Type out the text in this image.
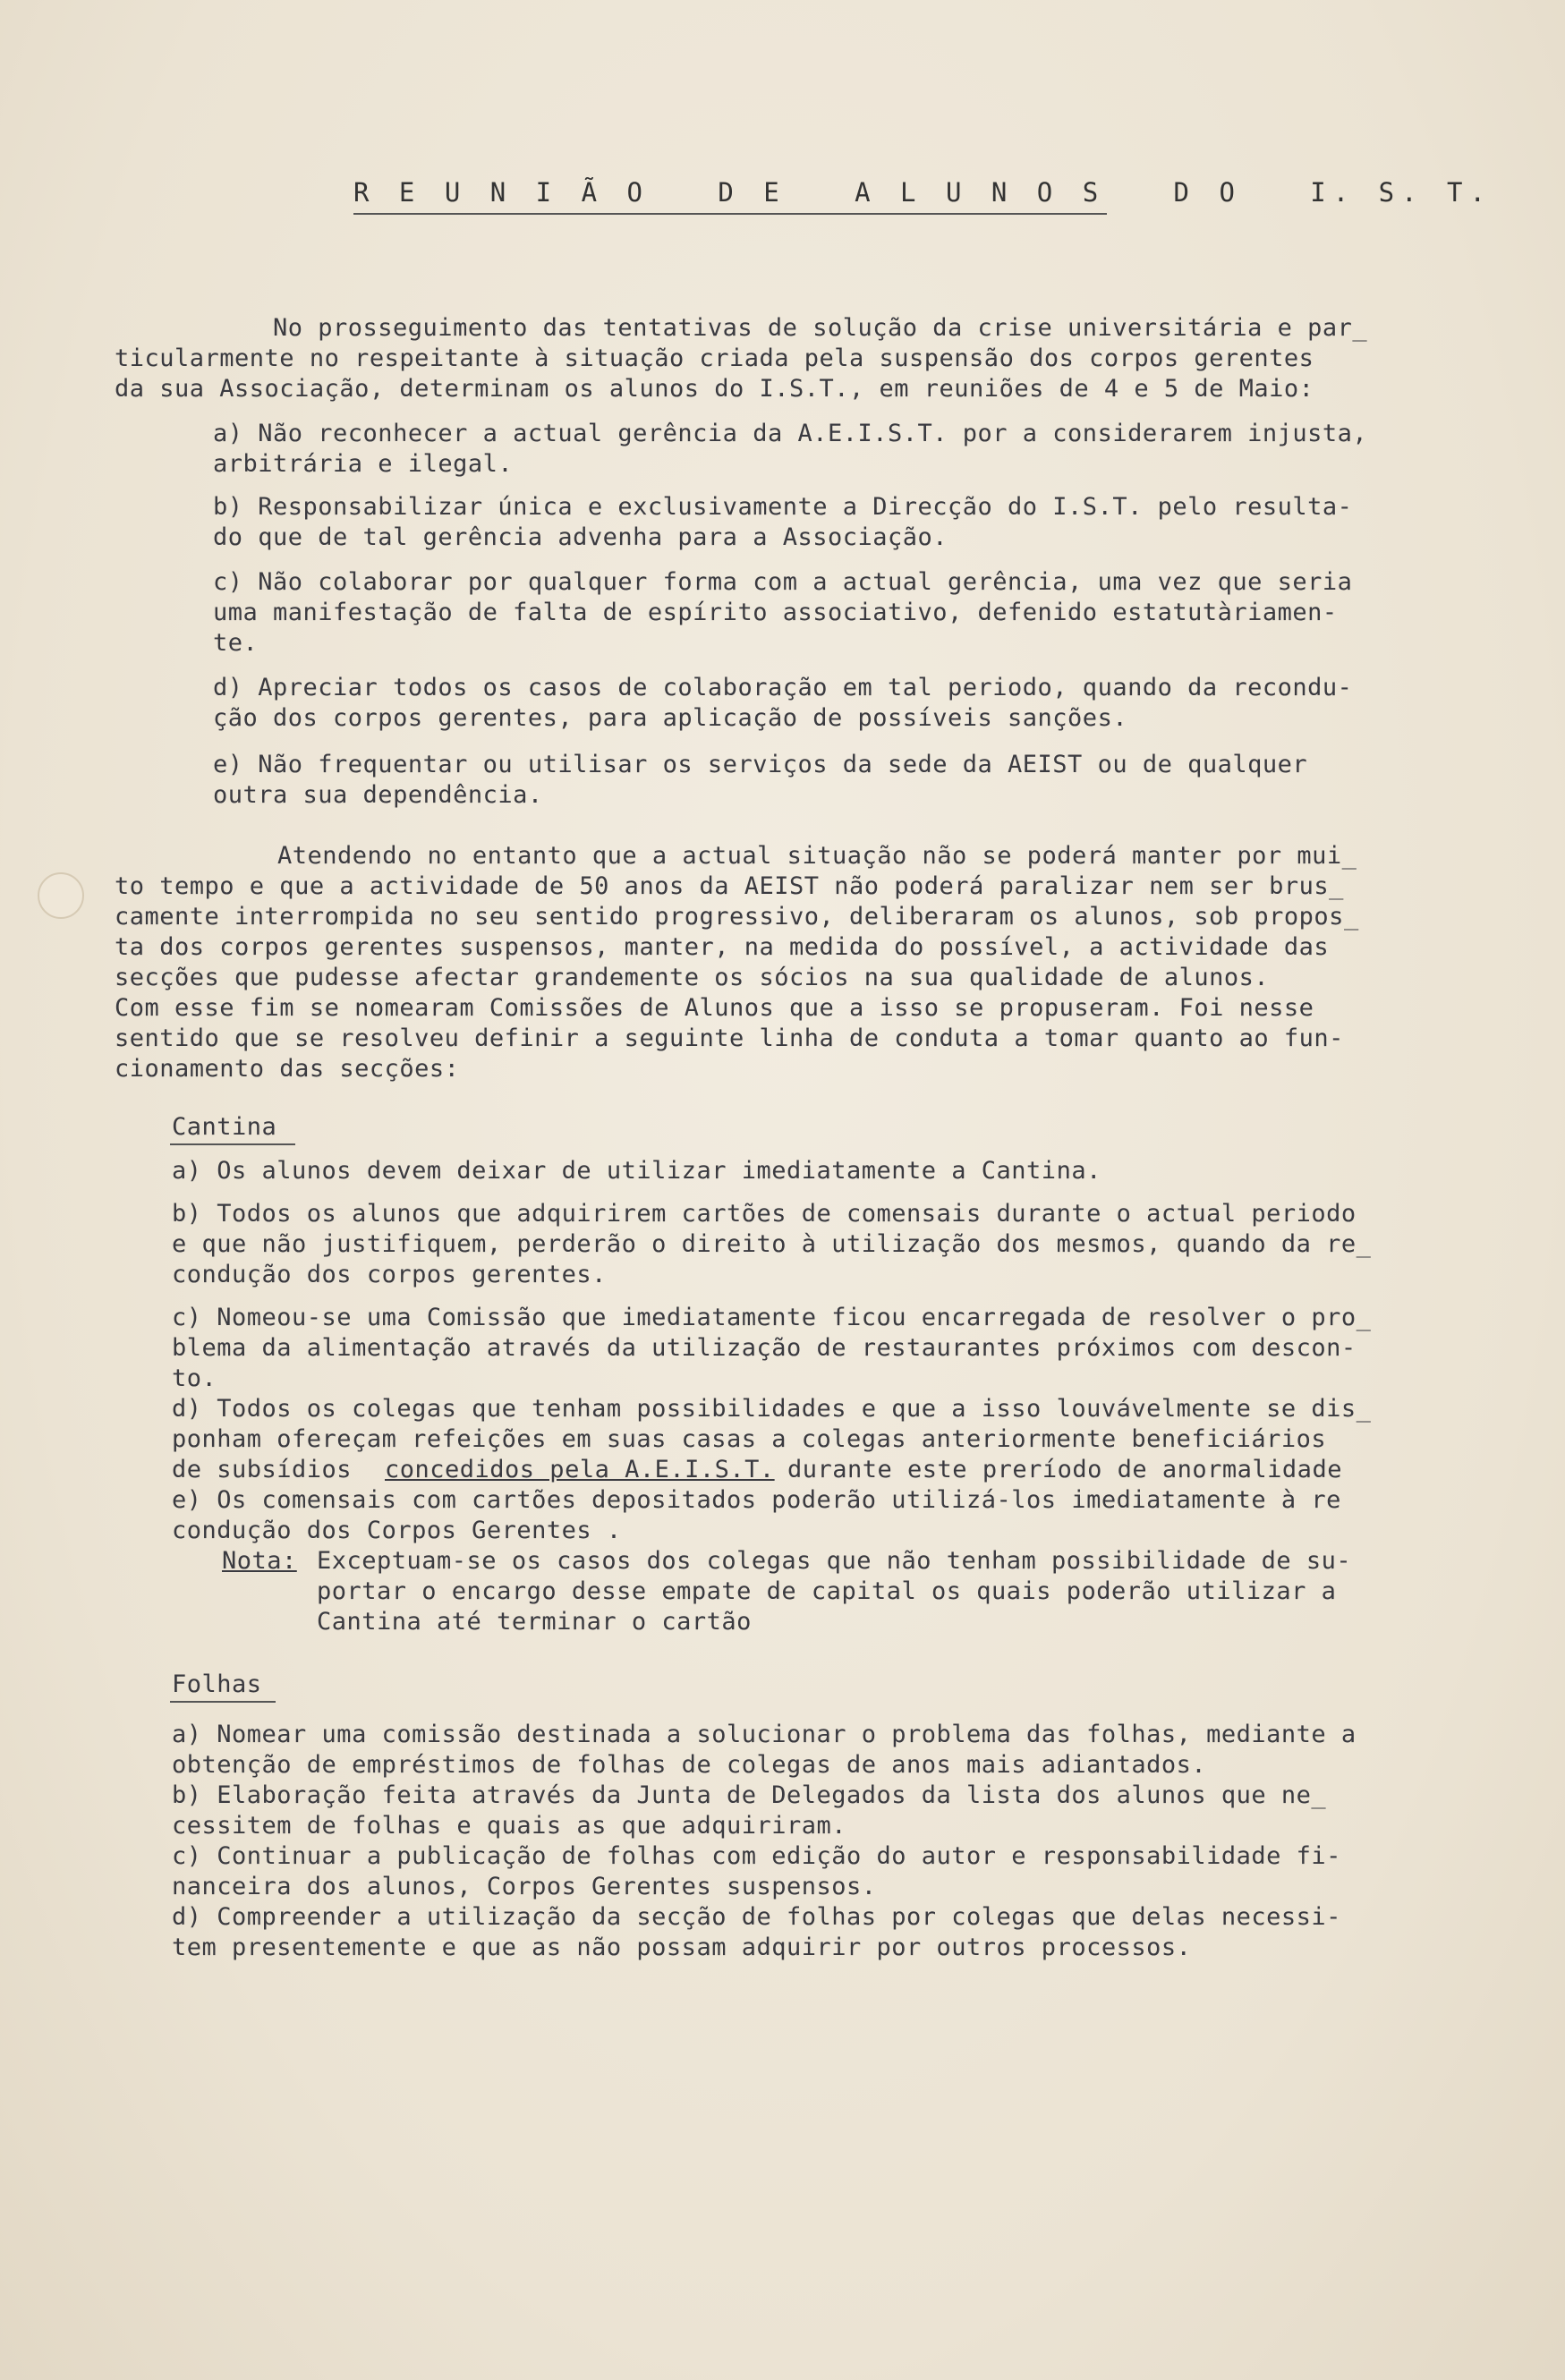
R E U N I Ã O   D E   A L U N O S   D O   I. S. T.
No prosseguimento das tentativas de solução da crise universitária e par_
ticularmente no respeitante à situação criada pela suspensão dos corpos gerentes
da sua Associação, determinam os alunos do I.S.T., em reuniões de 4 e 5 de Maio:
a) Não reconhecer a actual gerência da A.E.I.S.T. por a considerarem injusta,
arbitrária e ilegal.
b) Responsabilizar única e exclusivamente a Direcção do I.S.T. pelo resulta-
do que de tal gerência advenha para a Associação.
c) Não colaborar por qualquer forma com a actual gerência, uma vez que seria
uma manifestação de falta de espírito associativo, defenido estatutàriamen-
te.
d) Apreciar todos os casos de colaboração em tal periodo, quando da recondu-
ção dos corpos gerentes, para aplicação de possíveis sanções.
e) Não frequentar ou utilisar os serviços da sede da AEIST ou de qualquer
outra sua dependência.
Atendendo no entanto que a actual situação não se poderá manter por mui_
to tempo e que a actividade de 50 anos da AEIST não poderá paralizar nem ser brus_
camente interrompida no seu sentido progressivo, deliberaram os alunos, sob propos_
ta dos corpos gerentes suspensos, manter, na medida do possível, a actividade das
secções que pudesse afectar grandemente os sócios na sua qualidade de alunos.
Com esse fim se nomearam Comissões de Alunos que a isso se propuseram. Foi nesse
sentido que se resolveu definir a seguinte linha de conduta a tomar quanto ao fun-
cionamento das secções:
Cantina
a) Os alunos devem deixar de utilizar imediatamente a Cantina.
b) Todos os alunos que adquirirem cartões de comensais durante o actual periodo
e que não justifiquem, perderão o direito à utilização dos mesmos, quando da re_
condução dos corpos gerentes.
c) Nomeou-se uma Comissão que imediatamente ficou encarregada de resolver o pro_
blema da alimentação através da utilização de restaurantes próximos com descon-
to.
d) Todos os colegas que tenham possibilidades e que a isso louvávelmente se dis_
ponham ofereçam refeições em suas casas a colegas anteriormente beneficiários
de subsídios concedidos pela A.E.I.S.T. durante este preríodo de anormalidade
e) Os comensais com cartões depositados poderão utilizá-los imediatamente à re
condução dos Corpos Gerentes .
Nota: Exceptuam-se os casos dos colegas que não tenham possibilidade de su-
portar o encargo desse empate de capital os quais poderão utilizar a
Cantina até terminar o cartão
Folhas
a) Nomear uma comissão destinada a solucionar o problema das folhas, mediante a
obtenção de empréstimos de folhas de colegas de anos mais adiantados.
b) Elaboração feita através da Junta de Delegados da lista dos alunos que ne_
cessitem de folhas e quais as que adquiriram.
c) Continuar a publicação de folhas com edição do autor e responsabilidade fi-
nanceira dos alunos, Corpos Gerentes suspensos.
d) Compreender a utilização da secção de folhas por colegas que delas necessi-
tem presentemente e que as não possam adquirir por outros processos.
